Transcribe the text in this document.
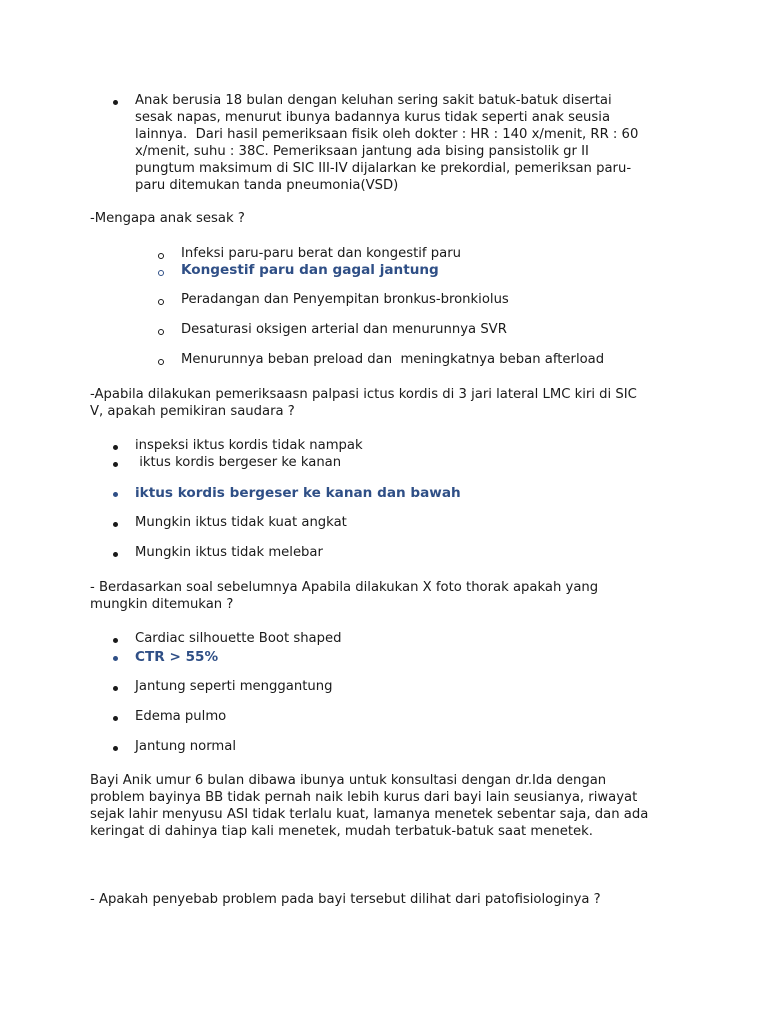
Anak berusia 18 bulan dengan keluhan sering sakit batuk-batuk disertai

sesak napas, menurut ibunya badannya kurus tidak seperti anak seusia

lainnya.  Dari hasil pemeriksaan fisik oleh dokter : HR : 140 x/menit, RR : 60

x/menit, suhu : 38C. Pemeriksaan jantung ada bising pansistolik gr II

pungtum maksimum di SIC III-IV dijalarkan ke prekordial, pemeriksan paru-

paru ditemukan tanda pneumonia(VSD)

-Mengapa anak sesak ?

Infeksi paru-paru berat dan kongestif paru

Kongestif paru dan gagal jantung

Peradangan dan Penyempitan bronkus-bronkiolus

Desaturasi oksigen arterial dan menurunnya SVR

Menurunnya beban preload dan  meningkatnya beban afterload

-Apabila dilakukan pemeriksaasn palpasi ictus kordis di 3 jari lateral LMC kiri di SIC

V, apakah pemikiran saudara ?

inspeksi iktus kordis tidak nampak

iktus kordis bergeser ke kanan

iktus kordis bergeser ke kanan dan bawah

Mungkin iktus tidak kuat angkat

Mungkin iktus tidak melebar

- Berdasarkan soal sebelumnya Apabila dilakukan X foto thorak apakah yang

mungkin ditemukan ?

Cardiac silhouette Boot shaped

CTR > 55%

Jantung seperti menggantung

Edema pulmo

Jantung normal

Bayi Anik umur 6 bulan dibawa ibunya untuk konsultasi dengan dr.Ida dengan

problem bayinya BB tidak pernah naik lebih kurus dari bayi lain seusianya, riwayat

sejak lahir menyusu ASI tidak terlalu kuat, lamanya menetek sebentar saja, dan ada

keringat di dahinya tiap kali menetek, mudah terbatuk-batuk saat menetek.

- Apakah penyebab problem pada bayi tersebut dilihat dari patofisiologinya ?
